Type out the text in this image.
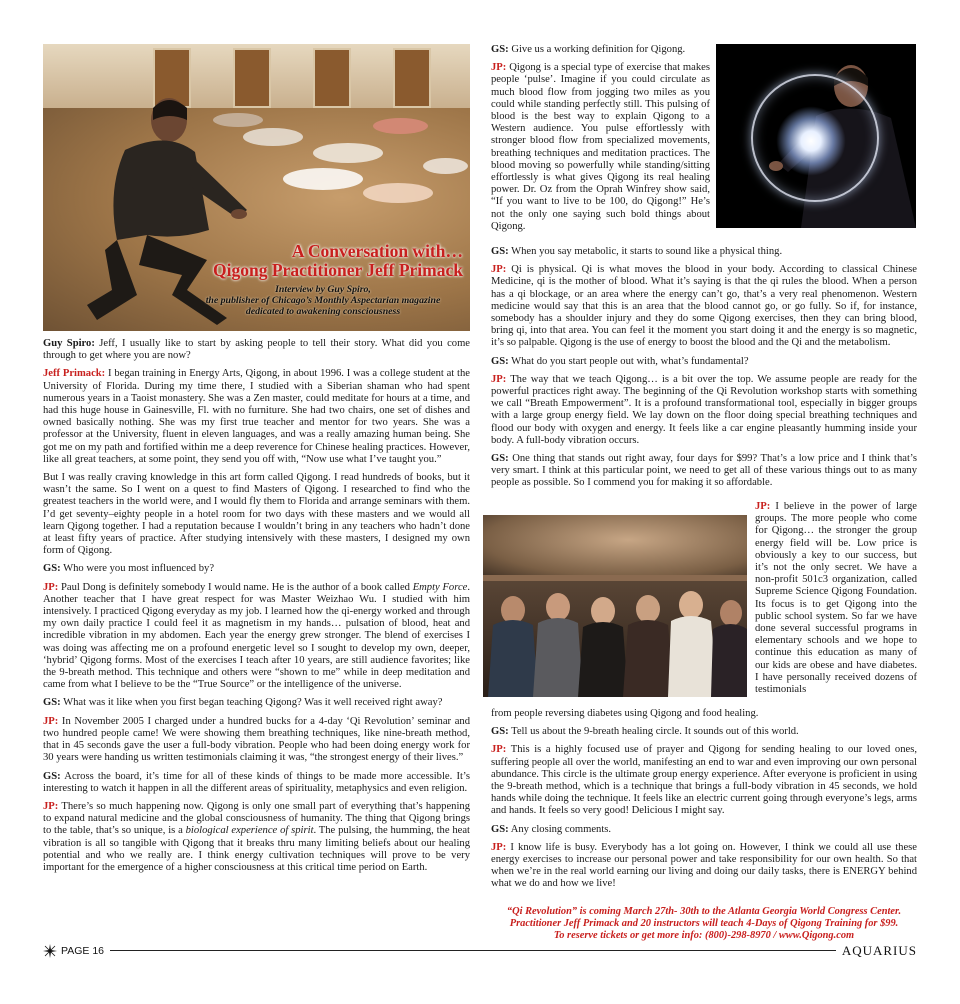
A Conversation with…
Qigong Practitioner Jeff Primack
Interview by Guy Spiro,
the publisher of Chicago’s Monthly Aspectarian magazine
dedicated to awakening consciousness

Guy Spiro: Jeff, I usually like to start by asking people to tell their story. What did you come through to get where you are now?

Jeff Primack: I began training in Energy Arts, Qigong, in about 1996. I was a college student at the University of Florida. During my time there, I studied with a Siberian shaman who had spent numerous years in a Taoist monastery. She was a Zen master, could meditate for hours at a time, and had this huge house in Gainesville, Fl. with no furniture. She had two chairs, one set of dishes and owned basically nothing. She was my first true teacher and mentor for two years. She was a professor at the University, fluent in eleven languages, and was a really amazing human being. She got me on my path and fortified within me a deep reverence for Chinese healing practices. However, like all great teachers, at some point, they send you off with, “Now use what I’ve taught you.”

But I was really craving knowledge in this art form called Qigong. I read hundreds of books, but it wasn’t the same. So I went on a quest to find Masters of Qigong. I researched to find who the greatest teachers in the world were, and I would fly them to Florida and arrange seminars with them. I’d get seventy–eighty people in a hotel room for two days with these masters and we would all learn Qigong together. I had a reputation because I wouldn’t bring in any teachers who hadn’t done at least fifty years of practice. After studying intensively with these masters, I designed my own form of Qigong.

GS: Who were you most influenced by?

JP: Paul Dong is definitely somebody I would name. He is the author of a book called Empty Force. Another teacher that I have great respect for was Master Weizhao Wu. I studied with him intensively. I practiced Qigong everyday as my job. I learned how the qi-energy worked and through my own daily practice I could feel it as magnetism in my hands… pulsation of blood, heat and incredible vibration in my abdomen. Each year the energy grew stronger. The blend of exercises I was doing was affecting me on a profound energetic level so I sought to develop my own, deeper, ‘hybrid’ Qigong forms. Most of the exercises I teach after 10 years, are still audience favorites; like the 9-breath method. This technique and others were “shown to me” while in deep meditation and came from what I believe to be the “True Source” or the intelligence of the universe.

GS: What was it like when you first began teaching Qigong? Was it well received right away?

JP: In November 2005 I charged under a hundred bucks for a 4-day ‘Qi Revolution’ seminar and two hundred people came! We were showing them breathing techniques, like nine-breath method, that in 45 seconds gave the user a full-body vibration. People who had been doing energy work for 30 years were handing us written testimonials claiming it was, “the strongest energy of their lives.”

GS: Across the board, it’s time for all of these kinds of things to be made more accessible. It’s interesting to watch it happen in all the different areas of spirituality, metaphysics and even religion.

JP: There’s so much happening now. Qigong is only one small part of everything that’s happening to expand natural medicine and the global consciousness of humanity. The thing that Qigong brings to the table, that’s so unique, is a biological experience of spirit. The pulsing, the humming, the heat vibration is all so tangible with Qigong that it breaks thru many limiting beliefs about our healing potential and who we really are. I think energy cultivation techniques will prove to be very important for the emergence of a higher consciousness at this critical time period on Earth.

GS: Give us a working definition for Qigong.

JP: Qigong is a special type of exercise that makes people ‘pulse’. Imagine if you could circulate as much blood flow from jogging two miles as you could while standing perfectly still. This pulsing of blood is the best way to explain Qigong to a Western audience. You pulse effortlessly with stronger blood flow from specialized movements, breathing techniques and meditation practices. The blood moving so powerfully while standing/sitting effortlessly is what gives Qigong its real healing power. Dr. Oz from the Oprah Winfrey show said, “If you want to live to be 100, do Qigong!” He’s not the only one saying such bold things about Qigong.

GS: When you say metabolic, it starts to sound like a physical thing.

JP: Qi is physical. Qi is what moves the blood in your body. According to classical Chinese Medicine, qi is the mother of blood. What it’s saying is that the qi rules the blood. When a person has a qi blockage, or an area where the energy can’t go, that’s a very real phenomenon. Western medicine would say that this is an area that the blood cannot go, or go fully. So if, for instance, somebody has a shoulder injury and they do some Qigong exercises, then they can bring blood, bring qi, into that area. You can feel it the moment you start doing it and the energy is so magnetic, it’s so palpable. Qigong is the use of energy to boost the blood and the Qi and the metabolism.

GS: What do you start people out with, what’s fundamental?

JP: The way that we teach Qigong… is a bit over the top. We assume people are ready for the powerful practices right away. The beginning of the Qi Revolution workshop starts with something we call “Breath Empowerment”. It is a profound transformational tool, especially in bigger groups with a large group energy field. We lay down on the floor doing special breathing techniques and flood our body with oxygen and energy. It feels like a car engine pleasantly humming inside your body. A full-body vibration occurs.

GS: One thing that stands out right away, four days for $99? That’s a low price and I think that’s very smart. I think at this particular point, we need to get all of these various things out to as many people as possible. So I commend you for making it so affordable.

JP: I believe in the power of large groups. The more people who come for Qigong… the stronger the group energy field will be. Low price is obviously a key to our success, but it’s not the only secret. We have a non-profit 501c3 organization, called Supreme Science Qigong Foundation. Its focus is to get Qigong into the public school system. So far we have done several successful programs in elementary schools and we hope to continue this education as many of our kids are obese and have diabetes. I have personally received dozens of testimonials

from people reversing diabetes using Qigong and food healing.

GS: Tell us about the 9-breath healing circle. It sounds out of this world.

JP: This is a highly focused use of prayer and Qigong for sending healing to our loved ones, suffering people all over the world, manifesting an end to war and even improving our own personal abundance. This circle is the ultimate group energy experience. After everyone is proficient in using the 9-breath method, which is a technique that brings a full-body vibration in 45 seconds, we hold hands while doing the technique. It feels like an electric current going through everyone’s legs, arms and hands. It feels so very good! Delicious I might say.

GS: Any closing comments.

JP: I know life is busy. Everybody has a lot going on. However, I think we could all use these energy exercises to increase our personal power and take responsibility for our own health. So that when we’re in the real world earning our living and doing our daily tasks, there is ENERGY behind what we do and how we live!

“Qi Revolution” is coming March 27th- 30th to the Atlanta Georgia World Congress Center.
Practitioner Jeff Primack and 20 instructors will teach 4-Days of Qigong Training for $99.
To reserve tickets or get more info: (800)-298-8970 / www.Qigong.com
PAGE 16	AQUARIUS
